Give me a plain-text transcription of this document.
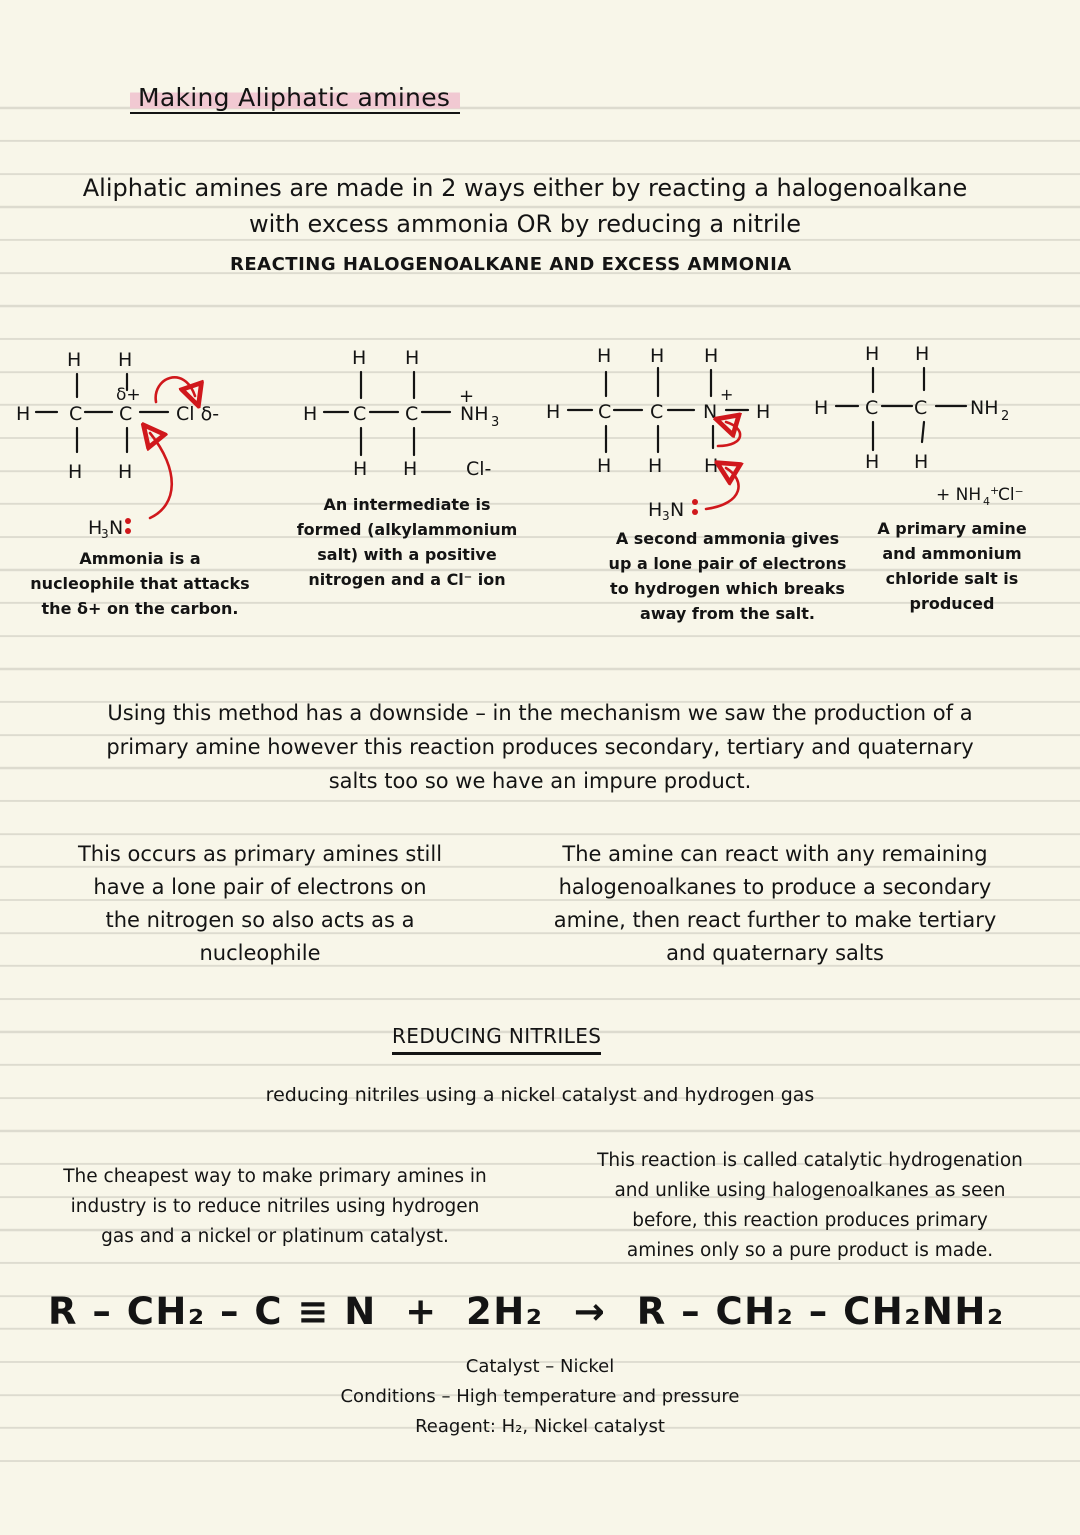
Making Aliphatic amines
Aliphatic amines are made in 2 ways either by reacting a halogenoalkane
with excess ammonia OR by reducing a nitrile
REACTING HALOGENOALKANE AND EXCESS AMMONIA
H H
H C C Cl δ-
H H
δ+
H
3 N
H H
H C C NH 3
+
H H	Cl-
H H H
H C C N H
+
H H H
H 3 N
H H
H C C NH 2
H H
+ NH 4
+
Cl⁻
Ammonia is a
nucleophile that attacks
the δ+ on the carbon.
An intermediate is
formed (alkylammonium
salt) with a positive
nitrogen and a Cl⁻ ion
A second ammonia gives
up a lone pair of electrons
to hydrogen which breaks
away from the salt.
A primary amine
and ammonium
chloride salt is
produced
Using this method has a downside – in the mechanism we saw the production of a
primary amine however this reaction produces secondary, tertiary and quaternary
salts too so we have an impure product.
This occurs as primary amines still
have a lone pair of electrons on
the nitrogen so also acts as a
nucleophile
The amine can react with any remaining
halogenoalkanes to produce a secondary
amine, then react further to make tertiary
and quaternary salts
REDUCING NITRILES
reducing nitriles using a nickel catalyst and hydrogen gas
The cheapest way to make primary amines in
industry is to reduce nitriles using hydrogen
gas and a nickel or platinum catalyst.
This reaction is called catalytic hydrogenation
and unlike using halogenoalkanes as seen
before, this reaction produces primary
amines only so a pure product is made.
R – CH₂ – C ≡ N + 2H₂ → R – CH₂ – CH₂NH₂
Catalyst – Nickel
Conditions – High temperature and pressure
Reagent: H₂, Nickel catalyst
